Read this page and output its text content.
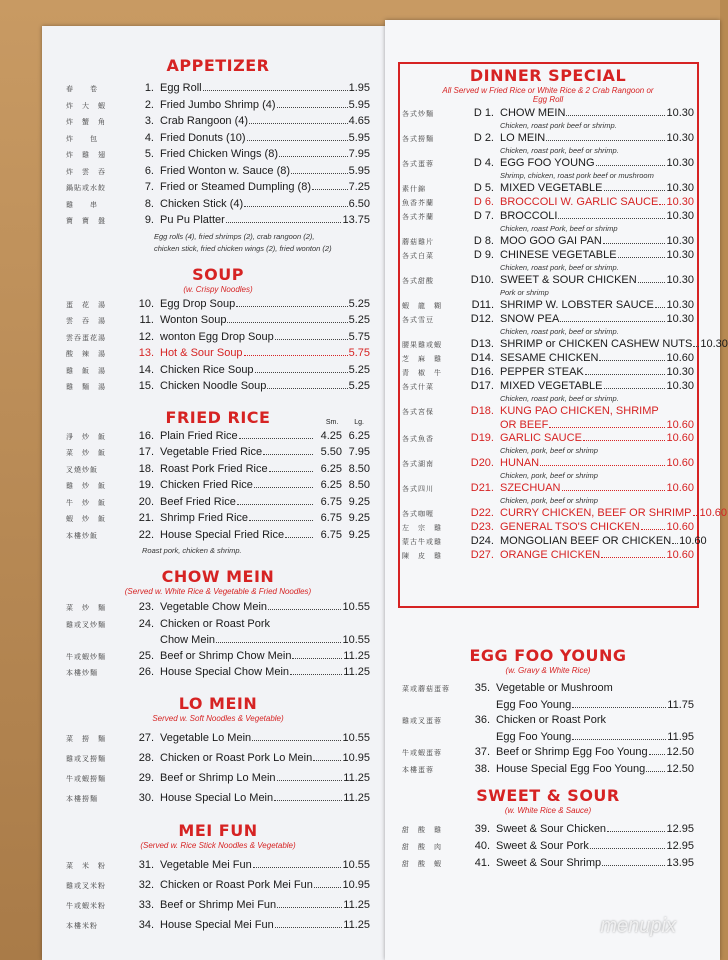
APPETIZER
春　　卷	1. Egg Roll	1.95
炸　大　蝦	2. Fried Jumbo Shrimp (4)	5.95
炸　蟹　角	3. Crab Rangoon (4)	4.65
炸　　包	4. Fried Donuts (10)	5.95
炸　雞　翅	5. Fried Chicken Wings (8)	7.95
炸　雲　吞	6. Fried Wonton w. Sauce (8)	5.95
鍋貼或水餃	7. Fried or Steamed Dumpling (8)	7.25
雞　　串	8. Chicken Stick (4)	6.50
寶　寶　盤	9. Pu Pu Platter	13.75
Egg rolls (4), fried shrimps (2), crab rangoon (2), chicken stick, fried chicken wings (2), fried wonton (2)
SOUP
(w. Crispy Noodles)
蛋　花　湯	10. Egg Drop Soup	5.25
雲　吞　湯	11. Wonton Soup	5.25
雲吞蛋花湯	12. wonton Egg Drop Soup	5.75
酸　辣　湯	13. Hot & Sour Soup	5.75
雞　飯　湯	14. Chicken Rice Soup	5.25
雞　麵　湯	15. Chicken Noodle Soup	5.25
FRIED RICE	Sm. Lg.
淨　炒　飯	16. Plain Fried Rice	4.25 6.25
菜　炒　飯	17. Vegetable Fried Rice	5.50 7.95
叉燒炒飯	18. Roast Pork Fried Rice	6.25 8.50
雞　炒　飯	19. Chicken Fried Rice	6.25 8.50
牛　炒　飯	20. Beef Fried Rice	6.75 9.25
蝦　炒　飯	21. Shrimp Fried Rice	6.75 9.25
本樓炒飯	22. House Special Fried Rice	6.75 9.25
Roast pork, chicken & shrimp.
CHOW MEIN
(Served w. White Rice & Vegetable & Fried Noodles)
菜　炒　麵	23. Vegetable Chow Mein	10.55
雞或叉炒麵	24. Chicken or Roast Pork
Chow Mein	10.55
牛或蝦炒麵	25. Beef or Shrimp Chow Mein	11.25
本樓炒麵	26. House Special Chow Mein	11.25
LO MEIN
Served w. Soft Noodles & Vegetable)
菜　撈　麵	27. Vegetable Lo Mein	10.55
雞或叉撈麵	28. Chicken or Roast Pork Lo Mein	10.95
牛或蝦撈麵	29. Beef or Shrimp Lo Mein	11.25
本樓撈麵	30. House Special Lo Mein	11.25
MEI FUN
(Served w. Rice Stick Noodles & Vegetable)
菜　米　粉	31. Vegetable Mei Fun	10.55
雞或叉米粉	32. Chicken or Roast Pork Mei Fun	10.95
牛或蝦米粉	33. Beef or Shrimp Mei Fun	11.25
本樓米粉	34. House Special Mei Fun	11.25
DINNER SPECIAL
All Served w Fried Rice or White Rice & 2 Crab Rangoon or Egg Roll
各式炒麵	D 1. CHOW MEIN	10.30
Chicken, roast pork beef or shrimp.
各式撈麵	D 2. LO MEIN	10.30
Chicken, roast pork, beef or shrimp.
各式蛋蓉	D 4. EGG FOO YOUNG	10.30
Shrimp, chicken, roast pork beef or mushroom
素什錦	D 5. MIXED VEGETABLE	10.30
魚香芥蘭	D 6. BROCCOLI W. GARLIC SAUCE 10.30
各式芥蘭	D 7. BROCCOLI	10.30
Chicken, roast Pork, beef or shrimp
蘑菇雞片	D 8. MOO GOO GAI PAN	10.30
各式白菜	D 9. CHINESE VEGETABLE	10.30
Chicken, roast pork, beef or shrimp.
各式甜酸	D10. SWEET & SOUR CHICKEN	10.30
Pork or shrimp
蝦　龍　糊	D11. SHRIMP W. LOBSTER SAUCE 10.30
各式雪豆	D12. SNOW PEA	10.30
Chicken, roast pork, beef or shrimp.
腰果雞或蝦	D13. SHRIMP or CHICKEN CASHEW NUTS 10.30
芝　麻　雞	D14. SESAME CHICKEN	10.60
青　椒　牛	D16. PEPPER STEAK	10.30
各式什菜	D17. MIXED VEGETABLE	10.30
Chicken, roast pork, beef or shrimp.
各式宮保	D18. KUNG PAO CHICKEN, SHRIMP
OR BEEF	10.60
各式魚香	D19. GARLIC SAUCE	10.60
Chicken, pork, beef or shrimp
各式湖南	D20. HUNAN	10.60
Chicken, pork, beef or shrimp
各式四川	D21. SZECHUAN	10.60
Chicken, pork, beef or shrimp
各式咖喱	D22. CURRY CHICKEN, BEEF OR SHRIMP 10.60
左　宗　雞	D23. GENERAL TSO'S CHICKEN 10.60
蒙古牛或雞	D24. MONGOLIAN BEEF OR CHICKEN 10.60
陳　皮　雞	D27. ORANGE CHICKEN	10.60
EGG FOO YOUNG
(w. Gravy & White Rice)
菜或蘑菇蛋蓉	35. Vegetable or Mushroom
Egg Foo Young	11.75
雞或叉蛋蓉	36. Chicken or Roast Pork
Egg Foo Young	11.95
牛或蝦蛋蓉	37. Beef or Shrimp Egg Foo Young 12.50
本樓蛋蓉	38. House Special Egg Foo Young 12.50
SWEET & SOUR
(w. White Rice & Sauce)
甜　酸　雞	39. Sweet & Sour Chicken	12.95
甜　酸　肉	40. Sweet & Sour Pork	12.95
甜　酸　蝦	41. Sweet & Sour Shrimp	13.95
menupix
